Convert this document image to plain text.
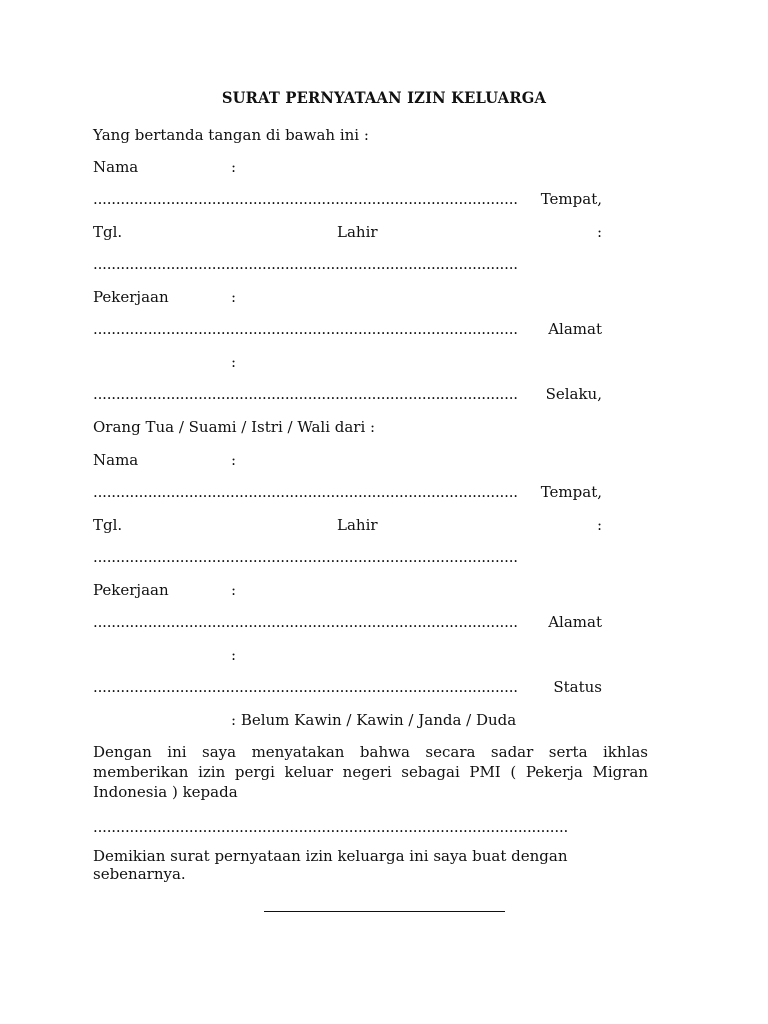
SURAT PERNYATAAN IZIN KELUARGA
Yang bertanda tangan di bawah ini :
Nama	:
.............................................................................................	Tempat,
Tgl.	Lahir	:
.............................................................................................
Pekerjaan	:
.............................................................................................	Alamat
:
.............................................................................................	Selaku,
Orang Tua / Suami / Istri / Wali dari :
Nama	:
.............................................................................................	Tempat,
Tgl.	Lahir	:
.............................................................................................
Pekerjaan	:
.............................................................................................	Alamat
:
.............................................................................................	Status
: Belum Kawin / Kawin / Janda / Duda
Dengan ini saya menyatakan bahwa secara sadar serta ikhlas memberikan izin pergi keluar negeri sebagai PMI ( Pekerja Migran Indonesia ) kepada
........................................................................................................
Demikian surat pernyataan izin keluarga ini saya buat dengan sebenarnya.
